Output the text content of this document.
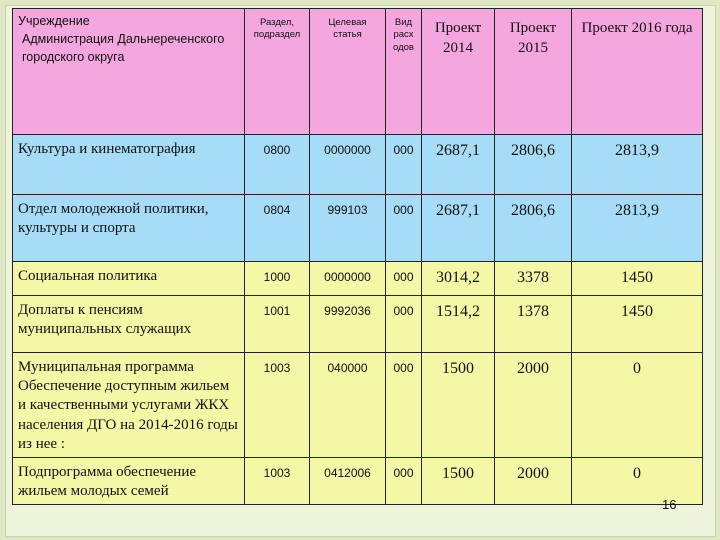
Учреждение
Администрация Дальнереченского городского округа	Раздел, подраздел	Целевая статья	Вид расх одов	Проект 2014	Проект 2015	Проект 2016 года
Культура и кинематография	0800	0000000	000	2687,1	2806,6	2813,9
Отдел молодежной политики, культуры и спорта	0804	999103	000	2687,1	2806,6	2813,9
Социальная политика	1000	0000000	000	3014,2	3378	1450
Доплаты к пенсиям муниципальных служащих	1001	9992036	000	1514,2	1378	1450
Муниципальная программа Обеспечение доступным жильем и качественными услугами ЖКХ населения ДГО на 2014-2016 годы из нее :	1003	040000	000	1500	2000	0
Подпрограмма обеспечение жильем молодых семей	1003	0412006	000	1500	2000	0
16
